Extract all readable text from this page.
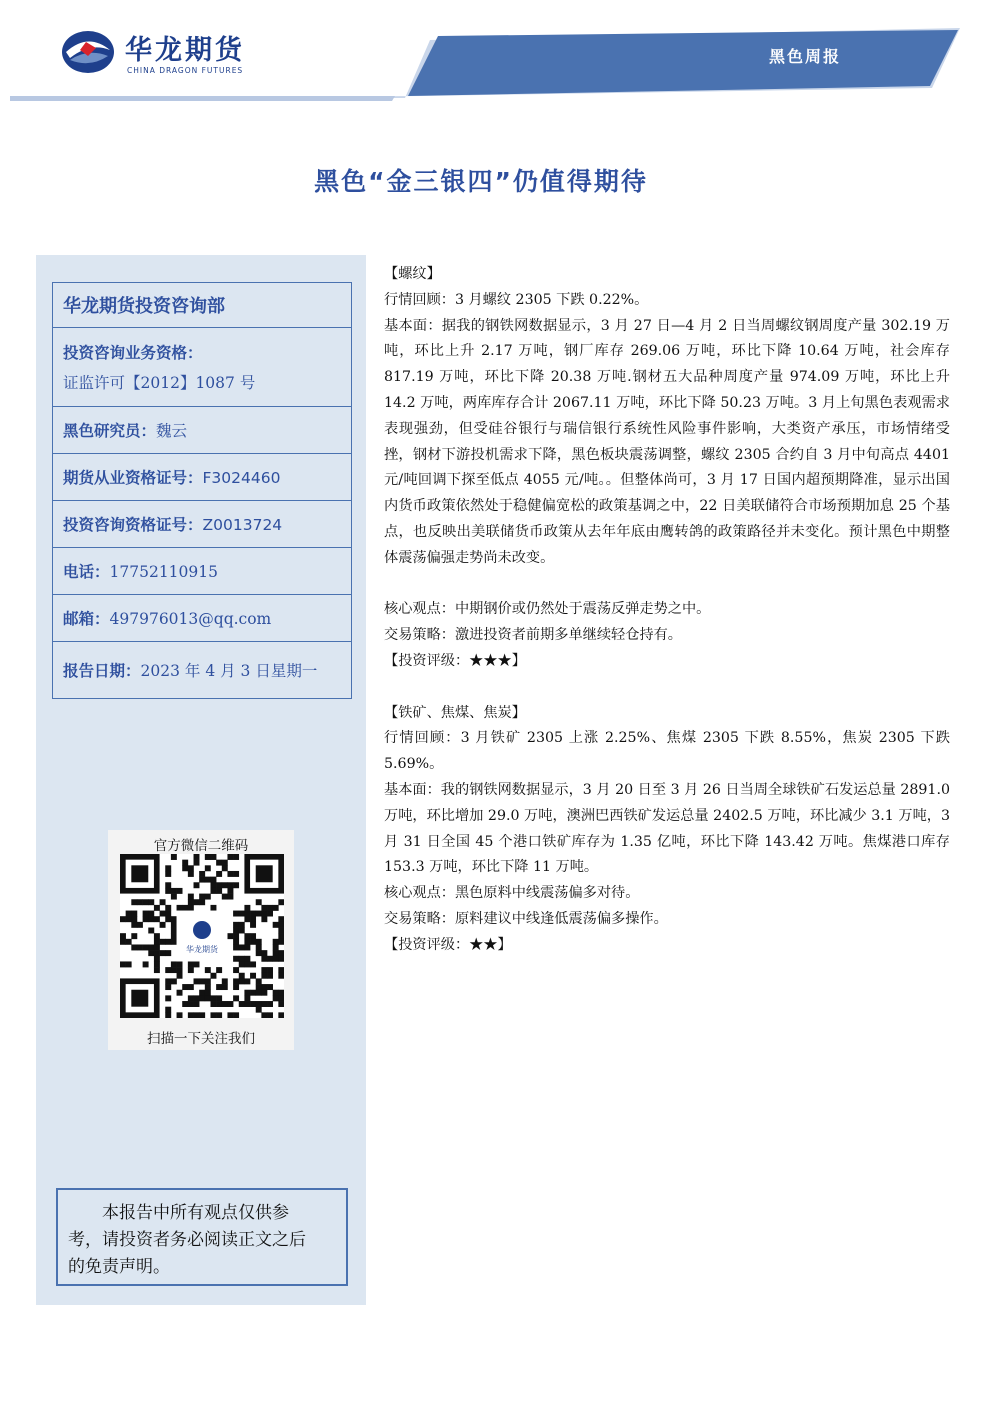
华龙期货
CHINA DRAGON FUTURES
黑色周报
黑色“金三银四”仍值得期待
华龙期货投资咨询部
投资咨询业务资格：
证监许可【2012】1087 号
黑色研究员：魏云
期货从业资格证号：F3024460
投资咨询资格证号：Z0013724
电话：17752110915
邮箱：497976013@qq.com
报告日期：2023 年 4 月 3 日星期一
官方微信二维码
华龙期货
扫描一下关注我们
本报告中所有观点仅供参
考，请投资者务必阅读正文之后
的免责声明。

【螺纹】

行情回顾：3 月螺纹 2305 下跌 0.22%。

基本面：据我的钢铁网数据显示，3 月 27 日—4 月 2 日当周螺纹钢周度产量 302.19 万吨，环比上升 2.17 万吨，钢厂库存 269.06 万吨，环比下降 10.64 万吨，社会库存 817.19 万吨，环比下降 20.38 万吨.钢材五大品种周度产量 974.09 万吨，环比上升 14.2 万吨，两库库存合计 2067.11 万吨，环比下降 50.23 万吨。3 月上旬黑色表观需求表现强劲，但受硅谷银行与瑞信银行系统性风险事件影响，大类资产承压，市场情绪受挫，钢材下游投机需求下降，黑色板块震荡调整，螺纹 2305 合约自 3 月中旬高点 4401 元/吨回调下探至低点 4055 元/吨。。但整体尚可，3 月 17 日国内超预期降准，显示出国内货币政策依然处于稳健偏宽松的政策基调之中，22 日美联储符合市场预期加息 25 个基点，也反映出美联储货币政策从去年年底由鹰转鸽的政策路径并未变化。预计黑色中期整体震荡偏强走势尚未改变。

核心观点：中期钢价或仍然处于震荡反弹走势之中。

交易策略：激进投资者前期多单继续轻仓持有。

【投资评级：★★★】

【铁矿、焦煤、焦炭】

行情回顾：3 月铁矿 2305 上涨 2.25%、焦煤 2305 下跌 8.55%，焦炭 2305 下跌 5.69%。

基本面：我的钢铁网数据显示，3 月 20 日至 3 月 26 日当周全球铁矿石发运总量 2891.0 万吨，环比增加 29.0 万吨，澳洲巴西铁矿发运总量 2402.5 万吨，环比减少 3.1 万吨，3 月 31 日全国 45 个港口铁矿库存为 1.35 亿吨，环比下降 143.42 万吨。焦煤港口库存 153.3 万吨，环比下降 11 万吨。

核心观点：黑色原料中线震荡偏多对待。

交易策略：原料建议中线逢低震荡偏多操作。

【投资评级：★★】
